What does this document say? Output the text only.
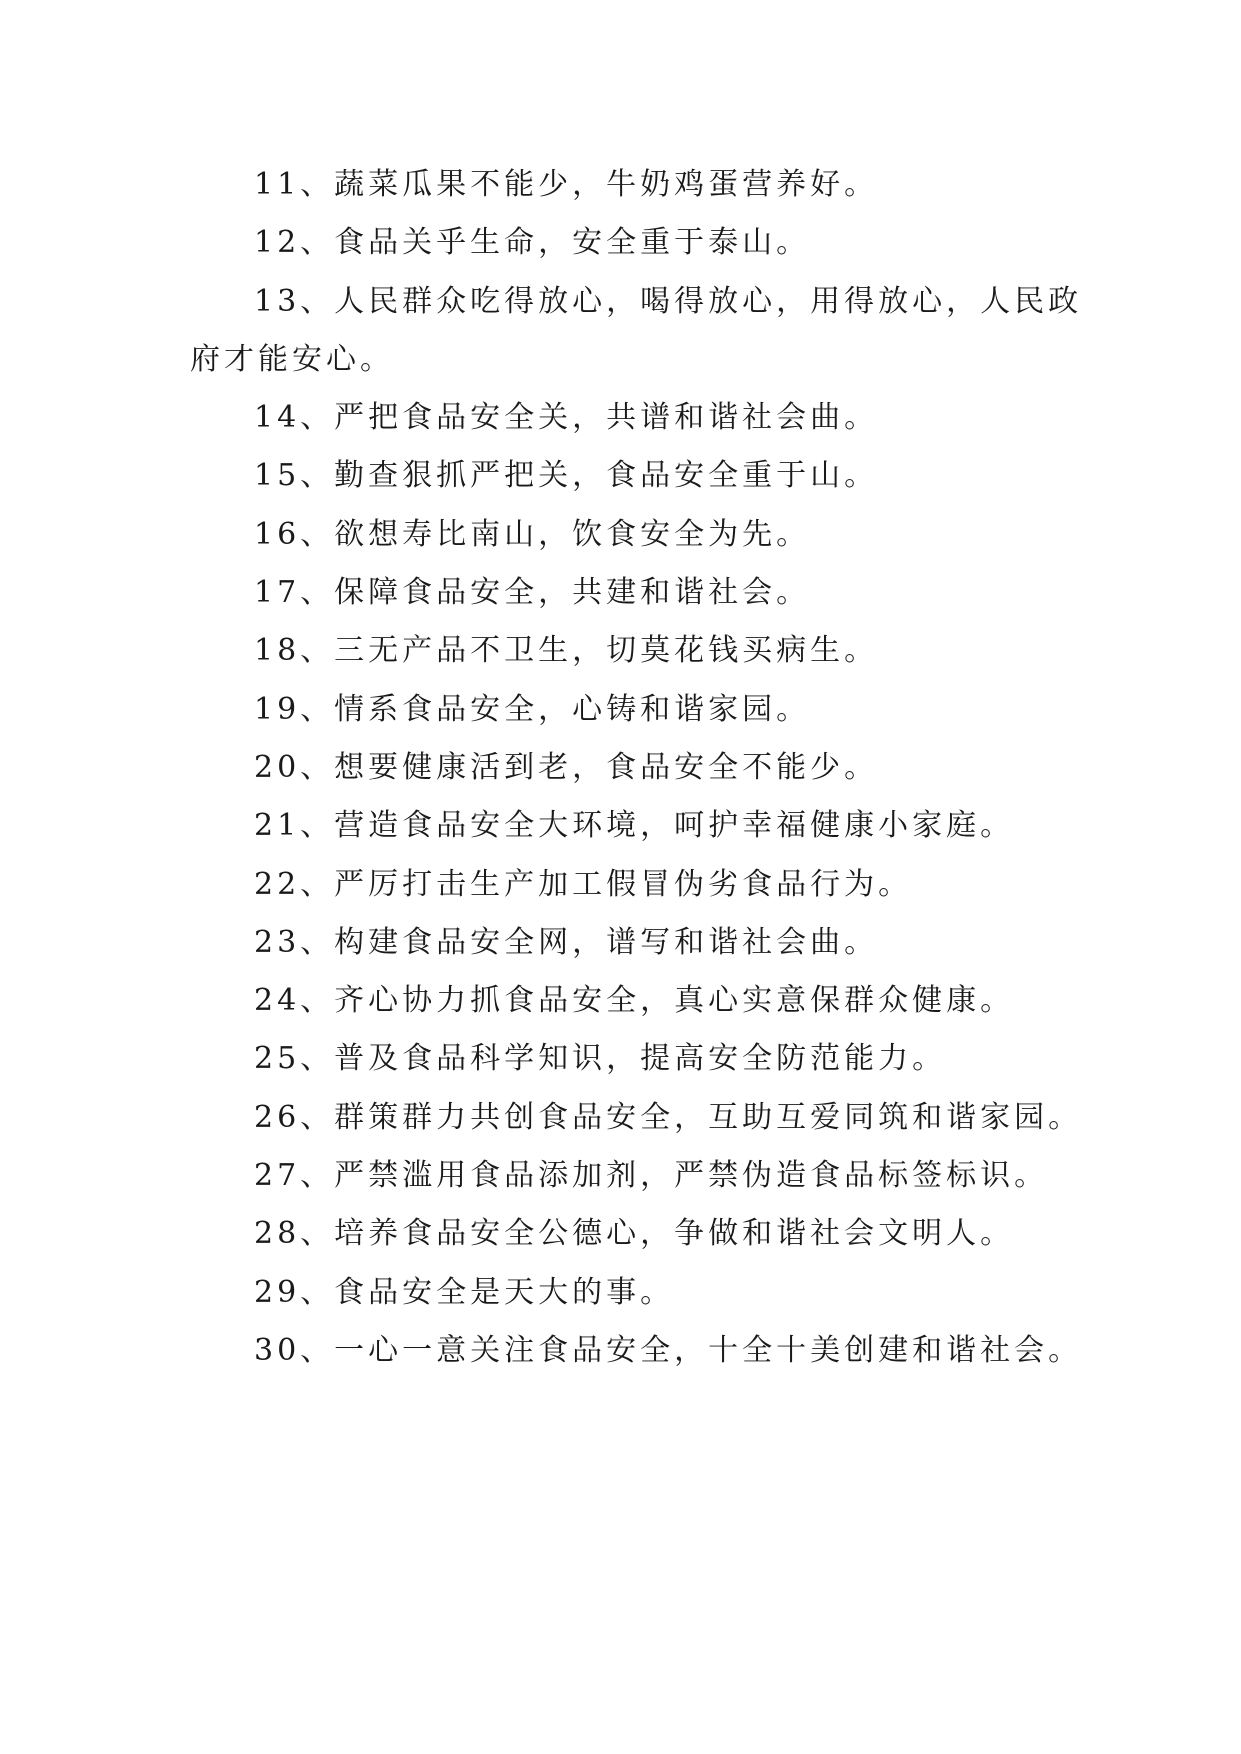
11、蔬菜瓜果不能少，牛奶鸡蛋营养好。

12、食品关乎生命，安全重于泰山。

13、人民群众吃得放心，喝得放心，用得放心，人民政

府才能安心。

14、严把食品安全关，共谱和谐社会曲。

15、勤查狠抓严把关，食品安全重于山。

16、欲想寿比南山，饮食安全为先。

17、保障食品安全，共建和谐社会。

18、三无产品不卫生，切莫花钱买病生。

19、情系食品安全，心铸和谐家园。

20、想要健康活到老，食品安全不能少。

21、营造食品安全大环境，呵护幸福健康小家庭。

22、严厉打击生产加工假冒伪劣食品行为。

23、构建食品安全网，谱写和谐社会曲。

24、齐心协力抓食品安全，真心实意保群众健康。

25、普及食品科学知识，提高安全防范能力。

26、群策群力共创食品安全，互助互爱同筑和谐家园。

27、严禁滥用食品添加剂，严禁伪造食品标签标识。

28、培养食品安全公德心，争做和谐社会文明人。

29、食品安全是天大的事。

30、一心一意关注食品安全，十全十美创建和谐社会。
